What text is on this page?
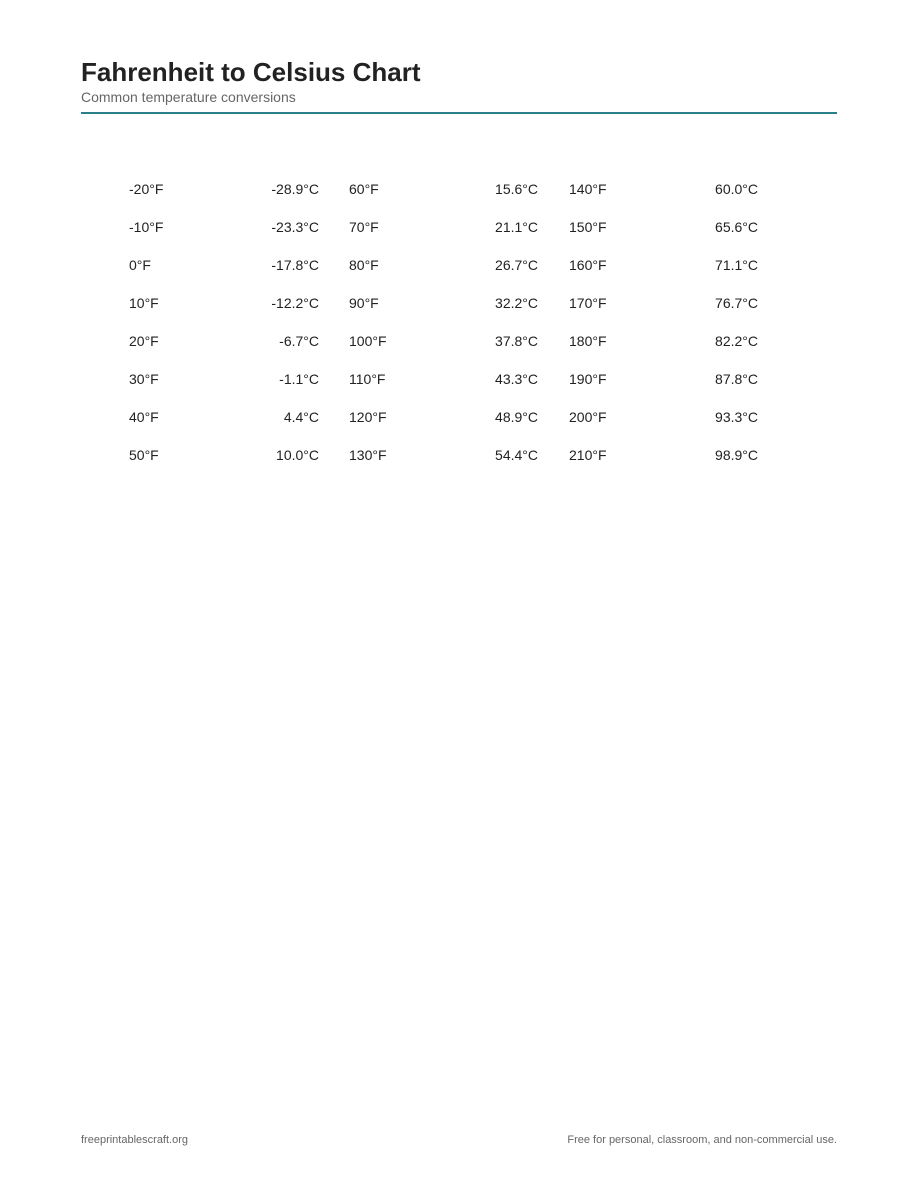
Fahrenheit to Celsius Chart
Common temperature conversions
-20°F	-28.9°C 60°F	15.6°C 140°F	60.0°C
-10°F	-23.3°C 70°F	21.1°C 150°F	65.6°C
0°F	-17.8°C 80°F	26.7°C 160°F	71.1°C
10°F	-12.2°C 90°F	32.2°C 170°F	76.7°C
20°F	-6.7°C 100°F	37.8°C 180°F	82.2°C
30°F	-1.1°C 110°F	43.3°C 190°F	87.8°C
40°F	4.4°C 120°F	48.9°C 200°F	93.3°C
50°F	10.0°C 130°F	54.4°C 210°F	98.9°C
freeprintablescraft.org	Free for personal, classroom, and non-commercial use.
